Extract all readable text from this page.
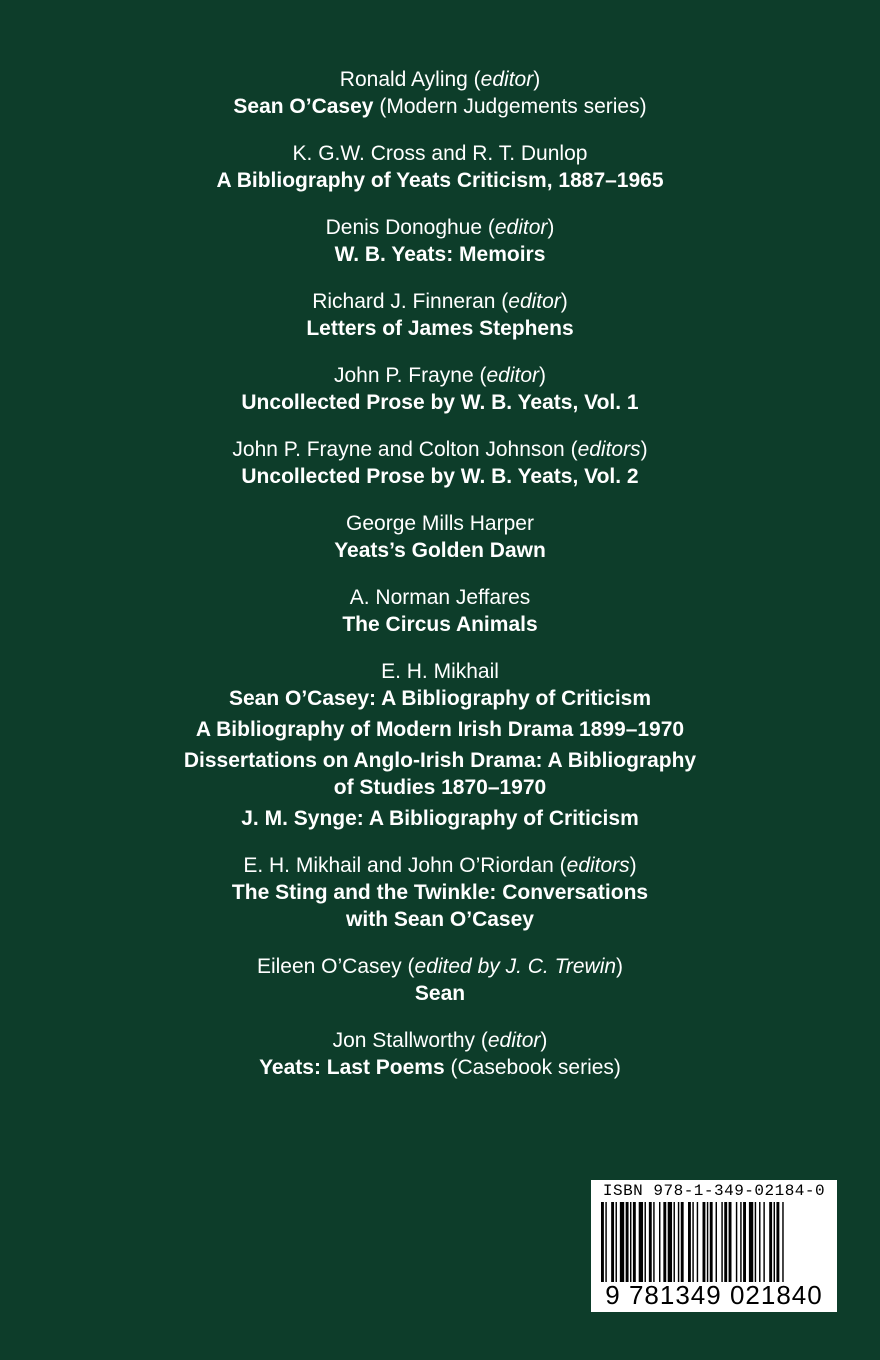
Ronald Ayling (editor)
Sean O’Casey (Modern Judgements series)
K. G.W. Cross and R. T. Dunlop
A Bibliography of Yeats Criticism, 1887–1965
Denis Donoghue (editor)
W. B. Yeats: Memoirs
Richard J. Finneran (editor)
Letters of James Stephens
John P. Frayne (editor)
Uncollected Prose by W. B. Yeats, Vol. 1
John P. Frayne and Colton Johnson (editors)
Uncollected Prose by W. B. Yeats, Vol. 2
George Mills Harper
Yeats’s Golden Dawn
A. Norman Jeffares
The Circus Animals
E. H. Mikhail
Sean O’Casey: A Bibliography of Criticism
A Bibliography of Modern Irish Drama 1899–1970
Dissertations on Anglo-Irish Drama: A Bibliography
of Studies 1870–1970
J. M. Synge: A Bibliography of Criticism
E. H. Mikhail and John O’Riordan (editors)
The Sting and the Twinkle: Conversations
with Sean O’Casey
Eileen O’Casey (edited by J. C. Trewin)
Sean
Jon Stallworthy (editor)
Yeats: Last Poems (Casebook series)
ISBN 978-1-349-02184-0
9 781349 021840
